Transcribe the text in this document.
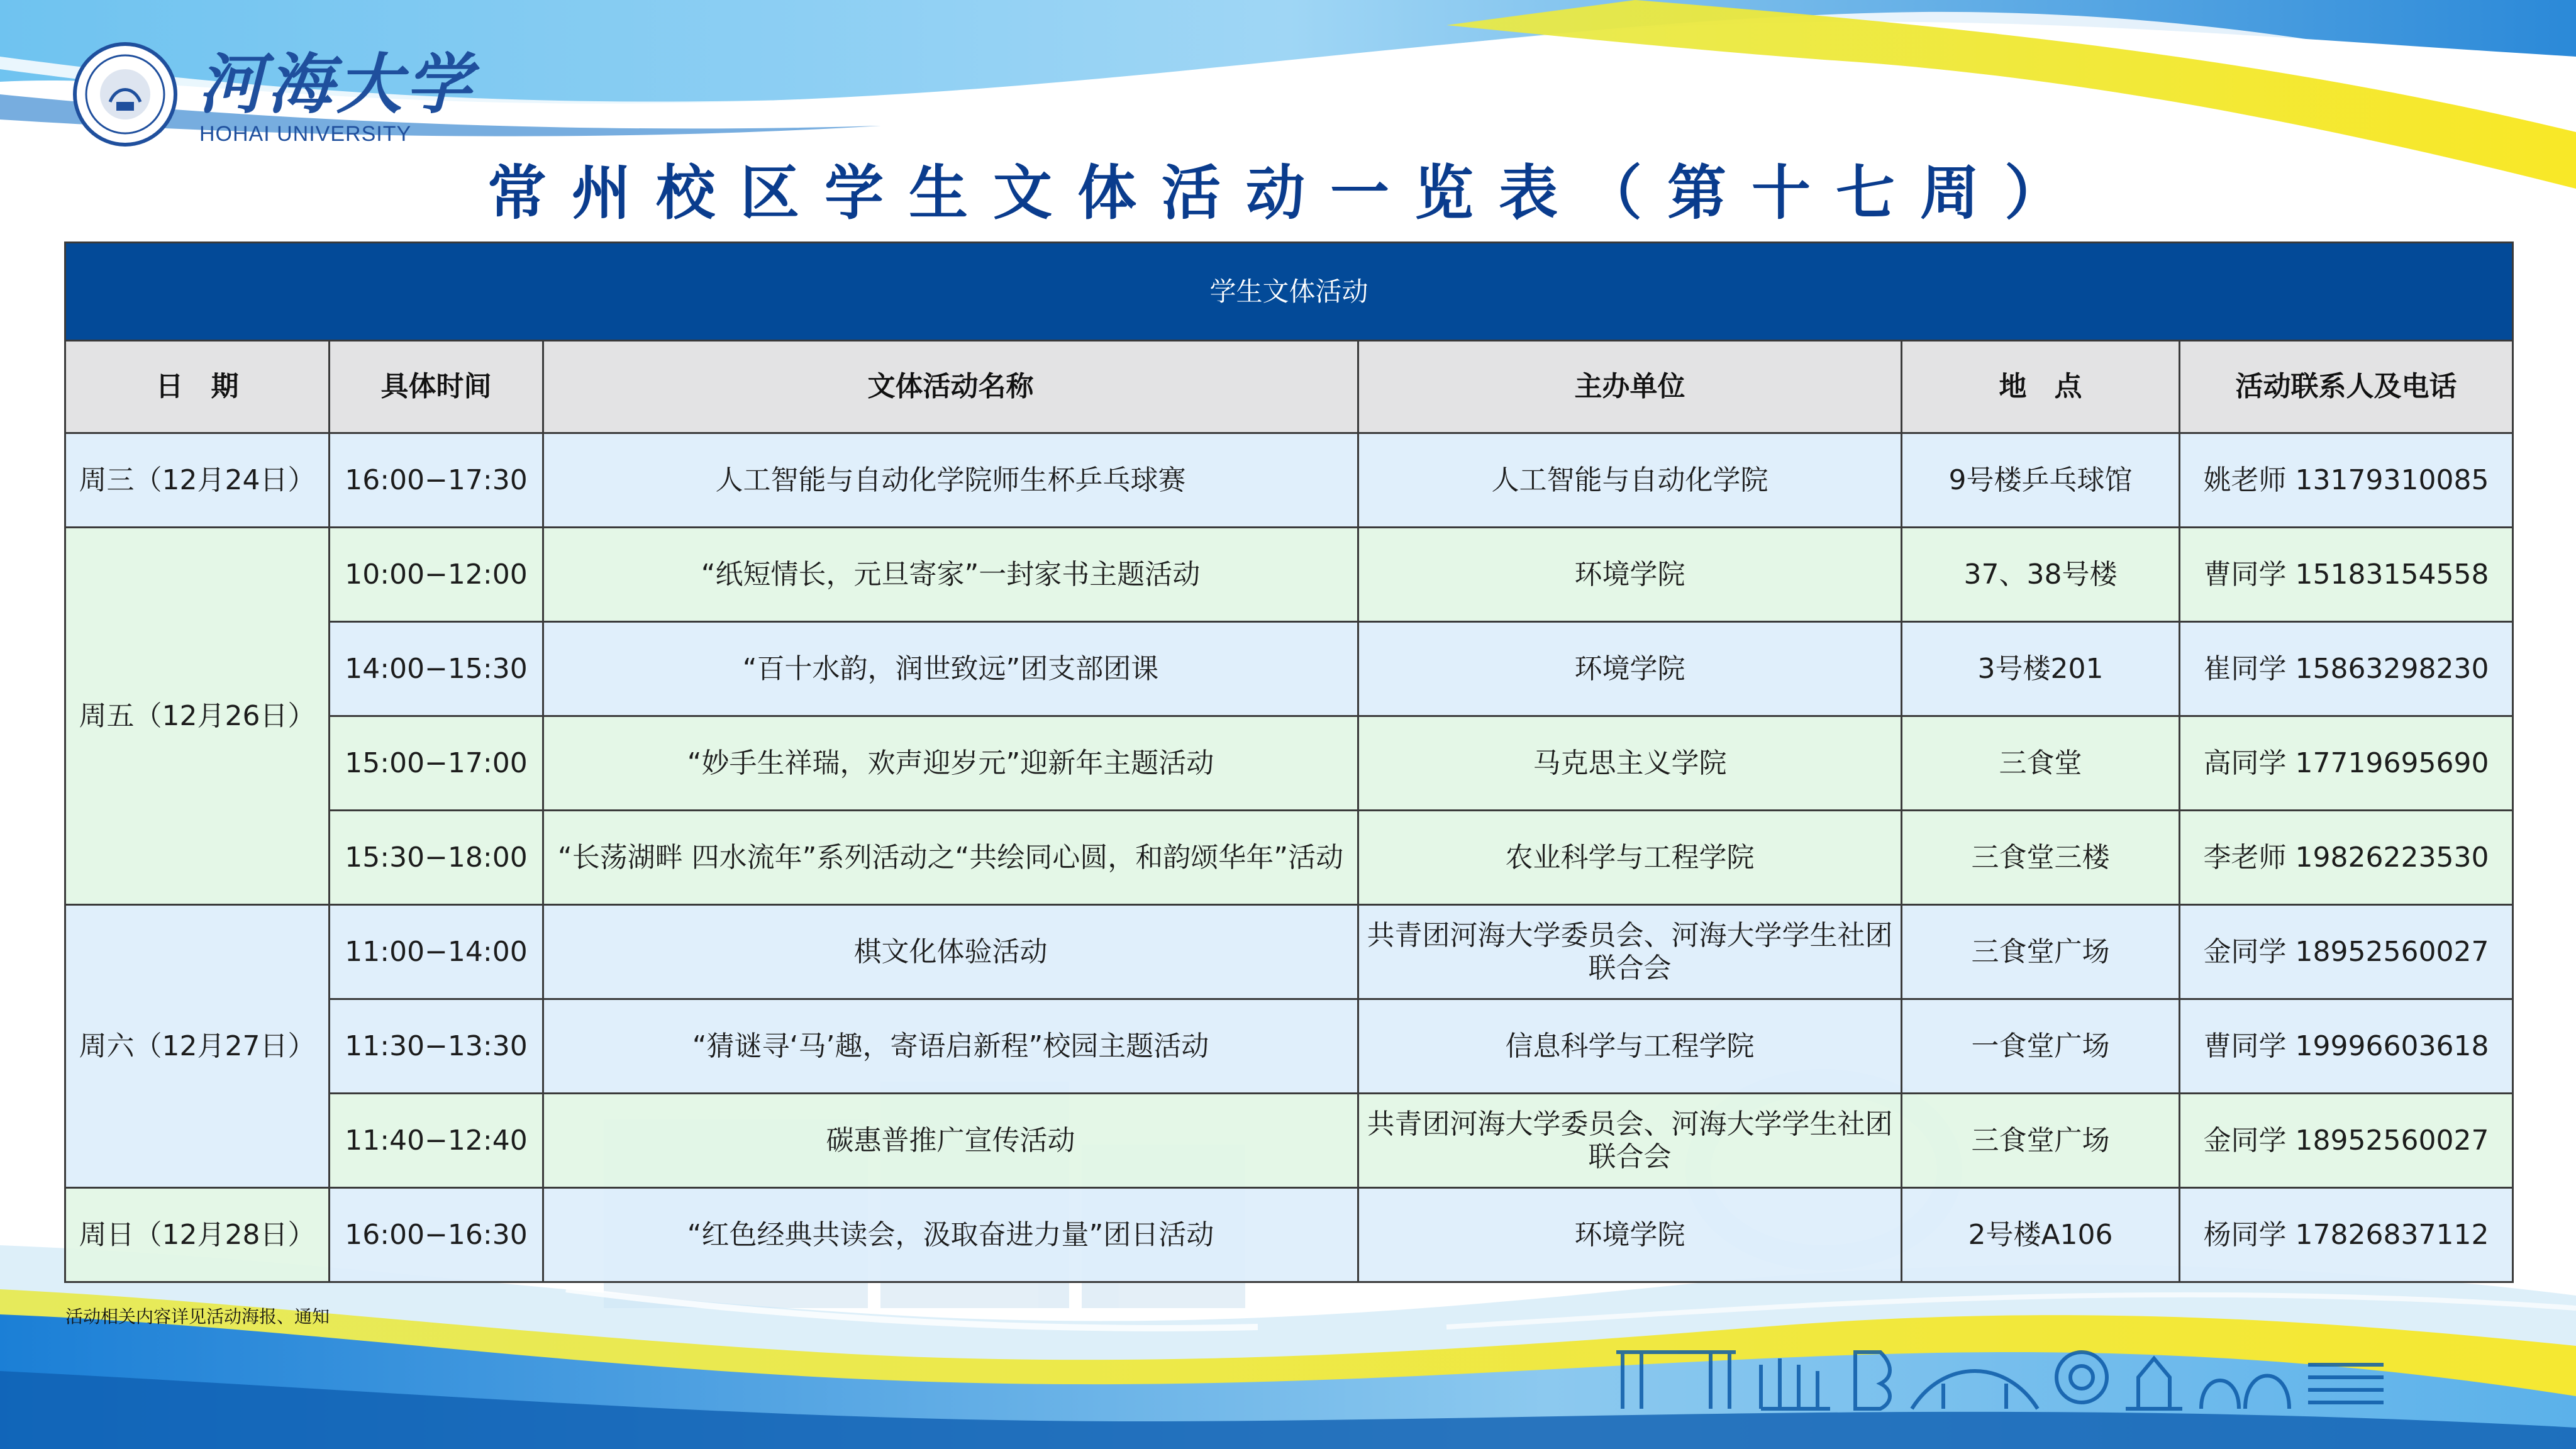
河海大学
HOHAI UNIVERSITY
常州校区学生文体活动一览表（第十七周）
学生文体活动					
日　期	具体时间	文体活动名称	主办单位	地　点	活动联系人及电话
周三（12月24日）	16:00−17:30	人工智能与自动化学院师生杯乒乓球赛	人工智能与自动化学院	9号楼乒乓球馆	姚老师 13179310085
周五（12月26日）	10:00−12:00	“纸短情长，元旦寄家”一封家书主题活动	环境学院	37、38号楼	曹同学 15183154558
	14:00−15:30	“百十水韵，润世致远”团支部团课	环境学院	3号楼201	崔同学 15863298230
	15:00−17:00	“妙手生祥瑞，欢声迎岁元”迎新年主题活动	马克思主义学院	三食堂	高同学 17719695690
	15:30−18:00	“长荡湖畔 四水流年”系列活动之“共绘同心圆，和韵颂华年”活动	农业科学与工程学院	三食堂三楼	李老师 19826223530
周六（12月27日）	11:00−14:00	棋文化体验活动	共青团河海大学委员会、河海大学学生社团联合会	三食堂广场	金同学 18952560027
	11:30−13:30	“猜谜寻‘马’趣，寄语启新程”校园主题活动	信息科学与工程学院	一食堂广场	曹同学 19996603618
	11:40−12:40	碳惠普推广宣传活动	共青团河海大学委员会、河海大学学生社团联合会	三食堂广场	金同学 18952560027
周日（12月28日）	16:00−16:30	“红色经典共读会，汲取奋进力量”团日活动	环境学院	2号楼A106	杨同学 17826837112
活动相关内容详见活动海报、通知
